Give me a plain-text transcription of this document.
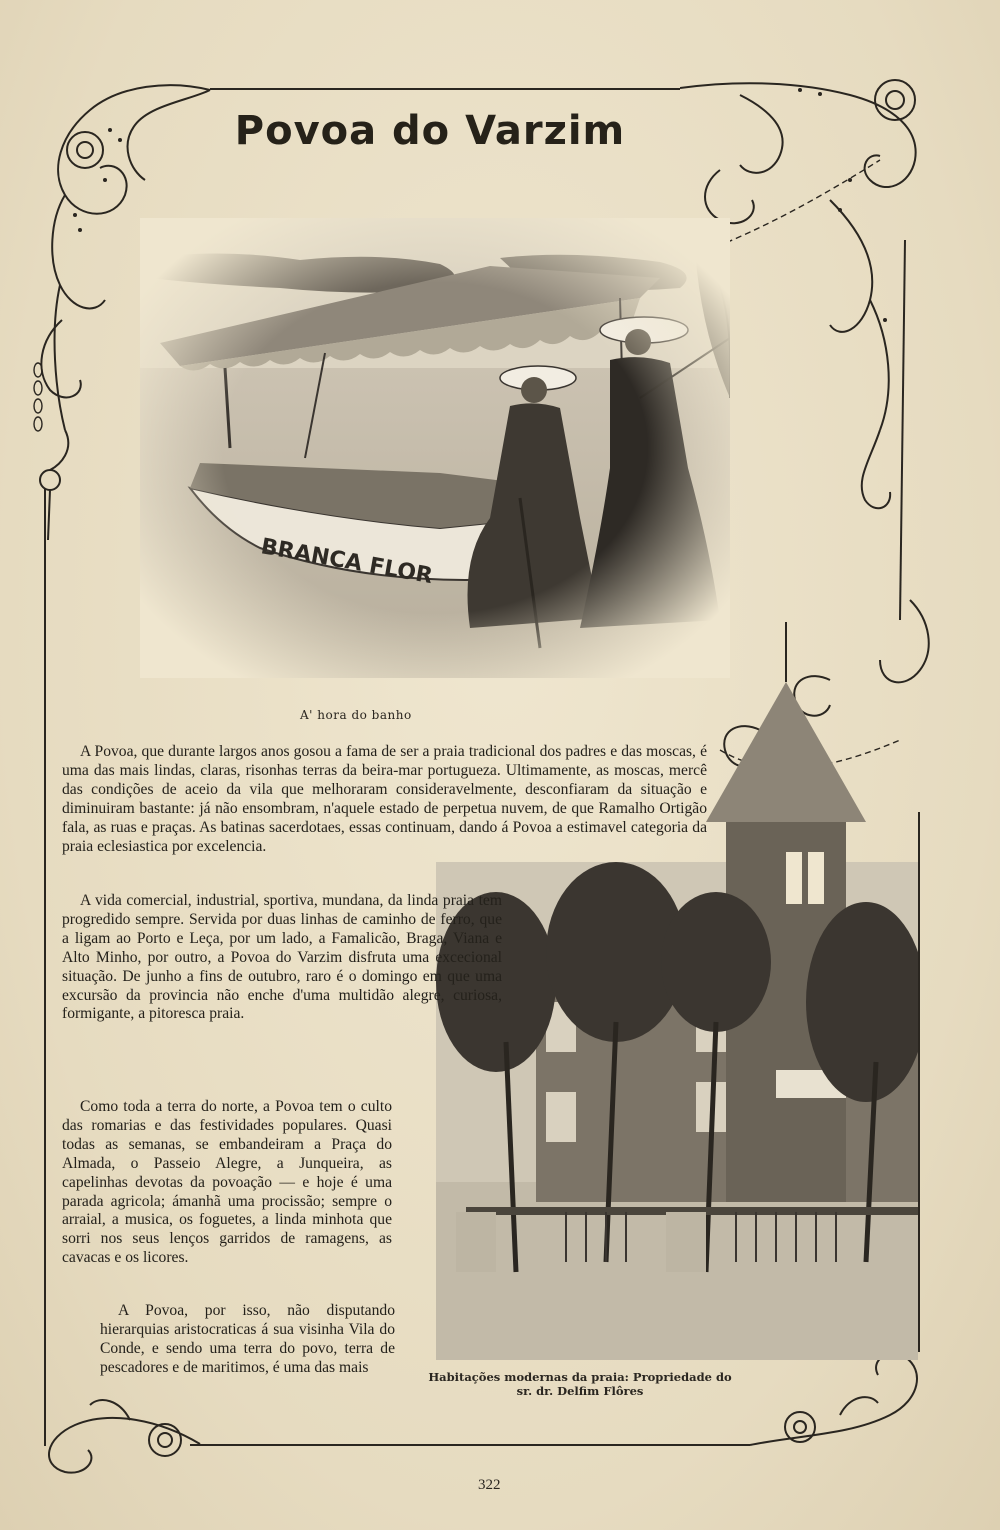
Povoa do Varzim
A' hora do banho
Habitações modernas da praia: Propriedade do sr. dr. Delfim Flôres
A Povoa, que durante largos anos gosou a fama de ser a praia tradicional dos padres e das moscas, é uma das mais lindas, claras, risonhas terras da beira-mar portugueza. Ultimamente, as moscas, mercê das condições de aceio da vila que melhoraram consideravelmente, desconfiaram da situação e diminuiram bastante: já não ensombram, n'aquele estado de perpetua nuvem, de que Ramalho Ortigão fala, as ruas e praças. As batinas sacerdotaes, essas continuam, dando á Povoa a estimavel categoria da praia eclesiastica por excelencia.
A vida comercial, industrial, sportiva, mundana, da linda praia tem progredido sempre. Servida por duas linhas de caminho de ferro, que a ligam ao Porto e Leça, por um lado, a Famalicão, Braga, Viana e Alto Minho, por outro, a Povoa do Varzim disfruta uma excecional situação. De junho a fins de outubro, raro é o domingo em que uma excursão da provincia não enche d'uma multidão alegre, curiosa, formigante, a pitoresca praia.
Como toda a terra do norte, a Povoa tem o culto das romarias e das festividades populares. Quasi todas as semanas, se embandeiram a Praça do Almada, o Passeio Alegre, a Junqueira, as capelinhas devotas da povoação — e hoje é uma parada agricola; ámanhã uma procissão; sempre o arraial, a musica, os foguetes, a linda minhota que sorri nos seus lenços garridos de ramagens, as cavacas e os licores.
A Povoa, por isso, não disputando hierarquias aristocraticas á sua visinha Vila do Conde, e sendo uma terra do povo, terra de pescadores e de maritimos, é uma das mais
322
